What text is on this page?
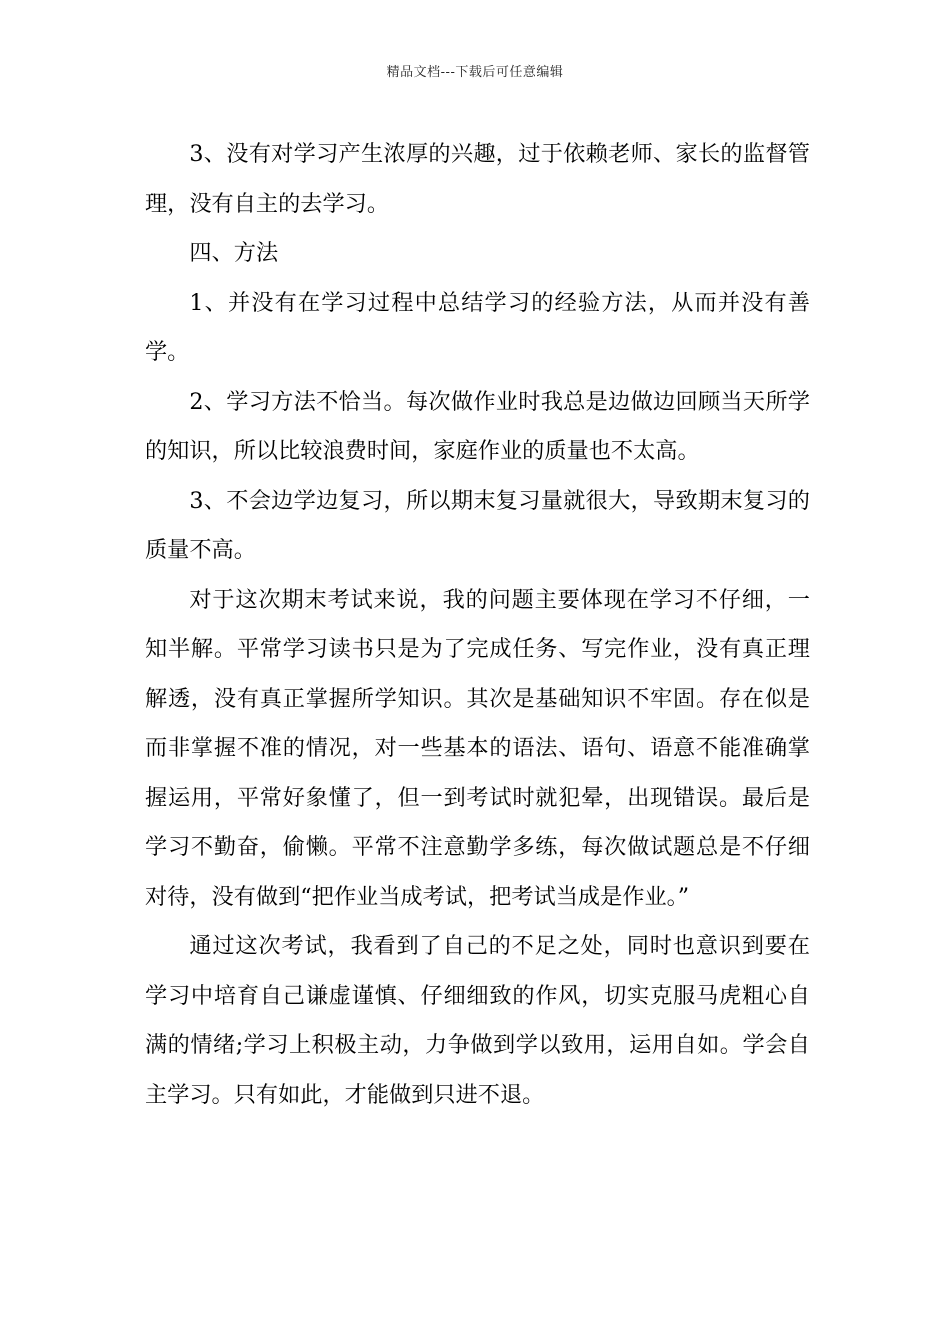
精品文档---下载后可任意编辑

3、没有对学习产生浓厚的兴趣，过于依赖老师、家长的监督管理，没有自主的去学习。

四、方法

1、并没有在学习过程中总结学习的经验方法，从而并没有善学。

2、学习方法不恰当。每次做作业时我总是边做边回顾当天所学的知识，所以比较浪费时间，家庭作业的质量也不太高。

3、不会边学边复习，所以期末复习量就很大，导致期末复习的质量不高。

对于这次期末考试来说，我的问题主要体现在学习不仔细，一知半解。平常学习读书只是为了完成任务、写完作业，没有真正理解透，没有真正掌握所学知识。其次是基础知识不牢固。存在似是而非掌握不准的情况，对一些基本的语法、语句、语意不能准确掌握运用，平常好象懂了，但一到考试时就犯晕，出现错误。最后是学习不勤奋，偷懒。平常不注意勤学多练，每次做试题总是不仔细对待，没有做到“把作业当成考试，把考试当成是作业。”

通过这次考试，我看到了自己的不足之处，同时也意识到要在学习中培育自己谦虚谨慎、仔细细致的作风，切实克服马虎粗心自满的情绪;学习上积极主动，力争做到学以致用，运用自如。学会自主学习。只有如此，才能做到只进不退。
